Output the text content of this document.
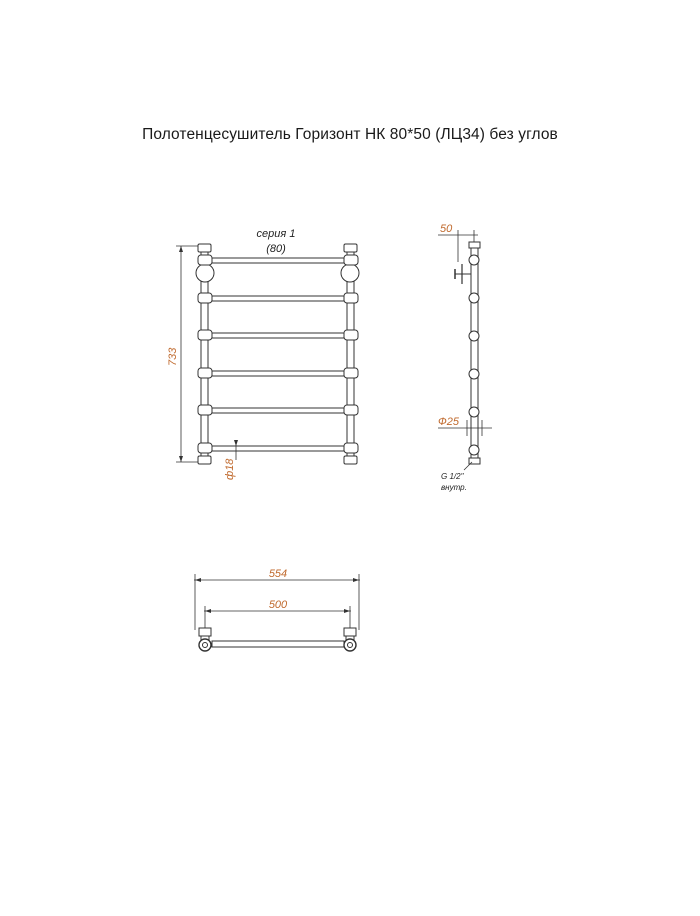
Полотенцесушитель Горизонт НК 80*50 (ЛЦ34) без углов
серия 1
(80)
733
ф18
50
Ф25
G 1/2"
внутр.
554
500
